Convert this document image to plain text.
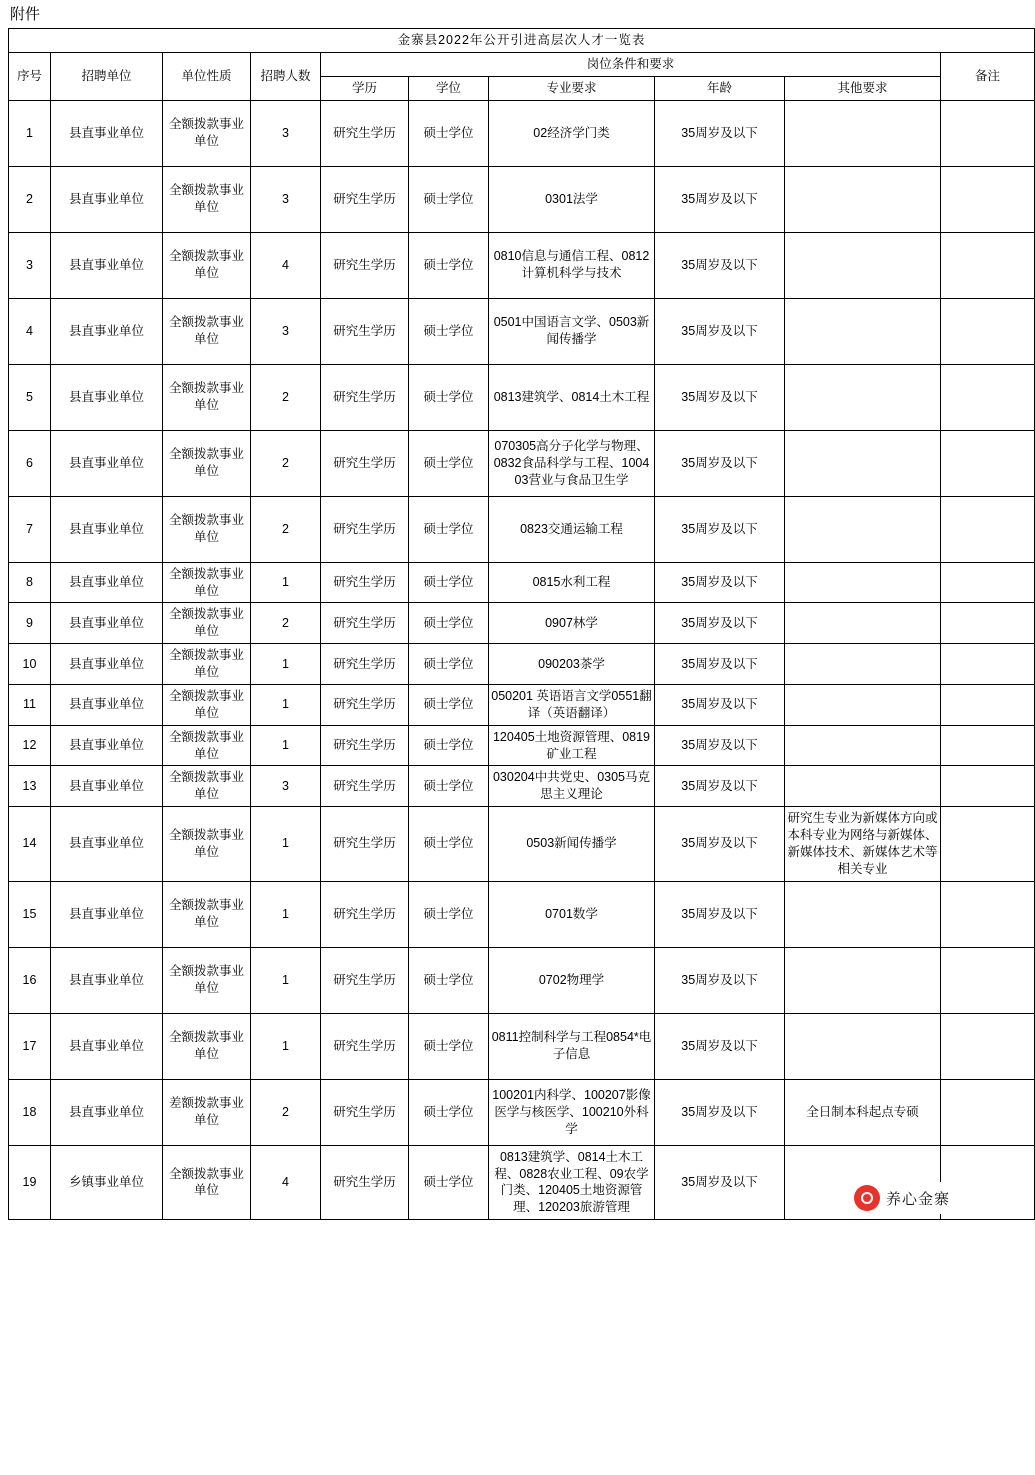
附件
金寨县2022年公开引进高层次人才一览表									
序号	招聘单位	单位性质	招聘人数	岗位条件和要求					备注
				学历	学位	专业要求	年龄	其他要求	
1	县直事业单位	全额拨款事业单位	3	研究生学历	硕士学位	02经济学门类	35周岁及以下		
2	县直事业单位	全额拨款事业单位	3	研究生学历	硕士学位	0301法学	35周岁及以下		
3	县直事业单位	全额拨款事业单位	4	研究生学历	硕士学位	0810信息与通信工程、0812计算机科学与技术	35周岁及以下		
4	县直事业单位	全额拨款事业单位	3	研究生学历	硕士学位	0501中国语言文学、0503新闻传播学	35周岁及以下		
5	县直事业单位	全额拨款事业单位	2	研究生学历	硕士学位	0813建筑学、0814土木工程	35周岁及以下		
6	县直事业单位	全额拨款事业单位	2	研究生学历	硕士学位	070305高分子化学与物理、0832食品科学与工程、100403营业与食品卫生学	35周岁及以下		
7	县直事业单位	全额拨款事业单位	2	研究生学历	硕士学位	0823交通运输工程	35周岁及以下		
8	县直事业单位	全额拨款事业单位	1	研究生学历	硕士学位	0815水利工程	35周岁及以下		
9	县直事业单位	全额拨款事业单位	2	研究生学历	硕士学位	0907林学	35周岁及以下		
10	县直事业单位	全额拨款事业单位	1	研究生学历	硕士学位	090203茶学	35周岁及以下		
11	县直事业单位	全额拨款事业单位	1	研究生学历	硕士学位	050201 英语语言文学0551翻译（英语翻译）	35周岁及以下		
12	县直事业单位	全额拨款事业单位	1	研究生学历	硕士学位	120405土地资源管理、0819 矿业工程	35周岁及以下		
13	县直事业单位	全额拨款事业单位	3	研究生学历	硕士学位	030204中共党史、0305马克思主义理论	35周岁及以下		
14	县直事业单位	全额拨款事业单位	1	研究生学历	硕士学位	0503新闻传播学	35周岁及以下	研究生专业为新媒体方向或本科专业为网络与新媒体、新媒体技术、新媒体艺术等相关专业	
15	县直事业单位	全额拨款事业单位	1	研究生学历	硕士学位	0701数学	35周岁及以下		
16	县直事业单位	全额拨款事业单位	1	研究生学历	硕士学位	0702物理学	35周岁及以下		
17	县直事业单位	全额拨款事业单位	1	研究生学历	硕士学位	0811控制科学与工程0854*电子信息	35周岁及以下		
18	县直事业单位	差额拨款事业单位	2	研究生学历	硕士学位	100201内科学、100207影像医学与核医学、100210外科学	35周岁及以下	全日制本科起点专硕	
19	乡镇事业单位	全额拨款事业单位	4	研究生学历	硕士学位	0813建筑学、0814土木工程、0828农业工程、09农学门类、120405土地资源管理、120203旅游管理	35周岁及以下		
养心金寨
